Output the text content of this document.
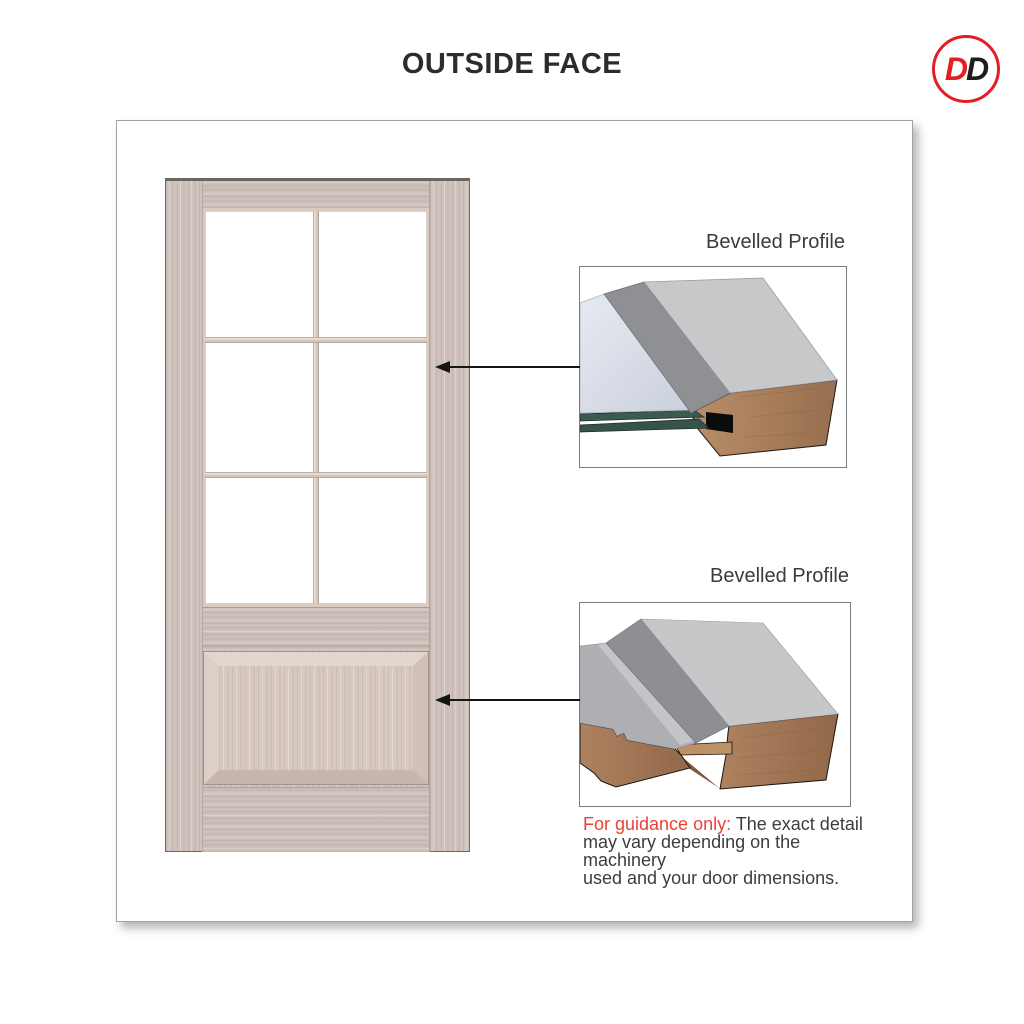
OUTSIDE FACE	D D
Bevelled Profile
Bevelled Profile
For guidance only: The exact detail
may vary depending on the machinery
used and your door dimensions.
